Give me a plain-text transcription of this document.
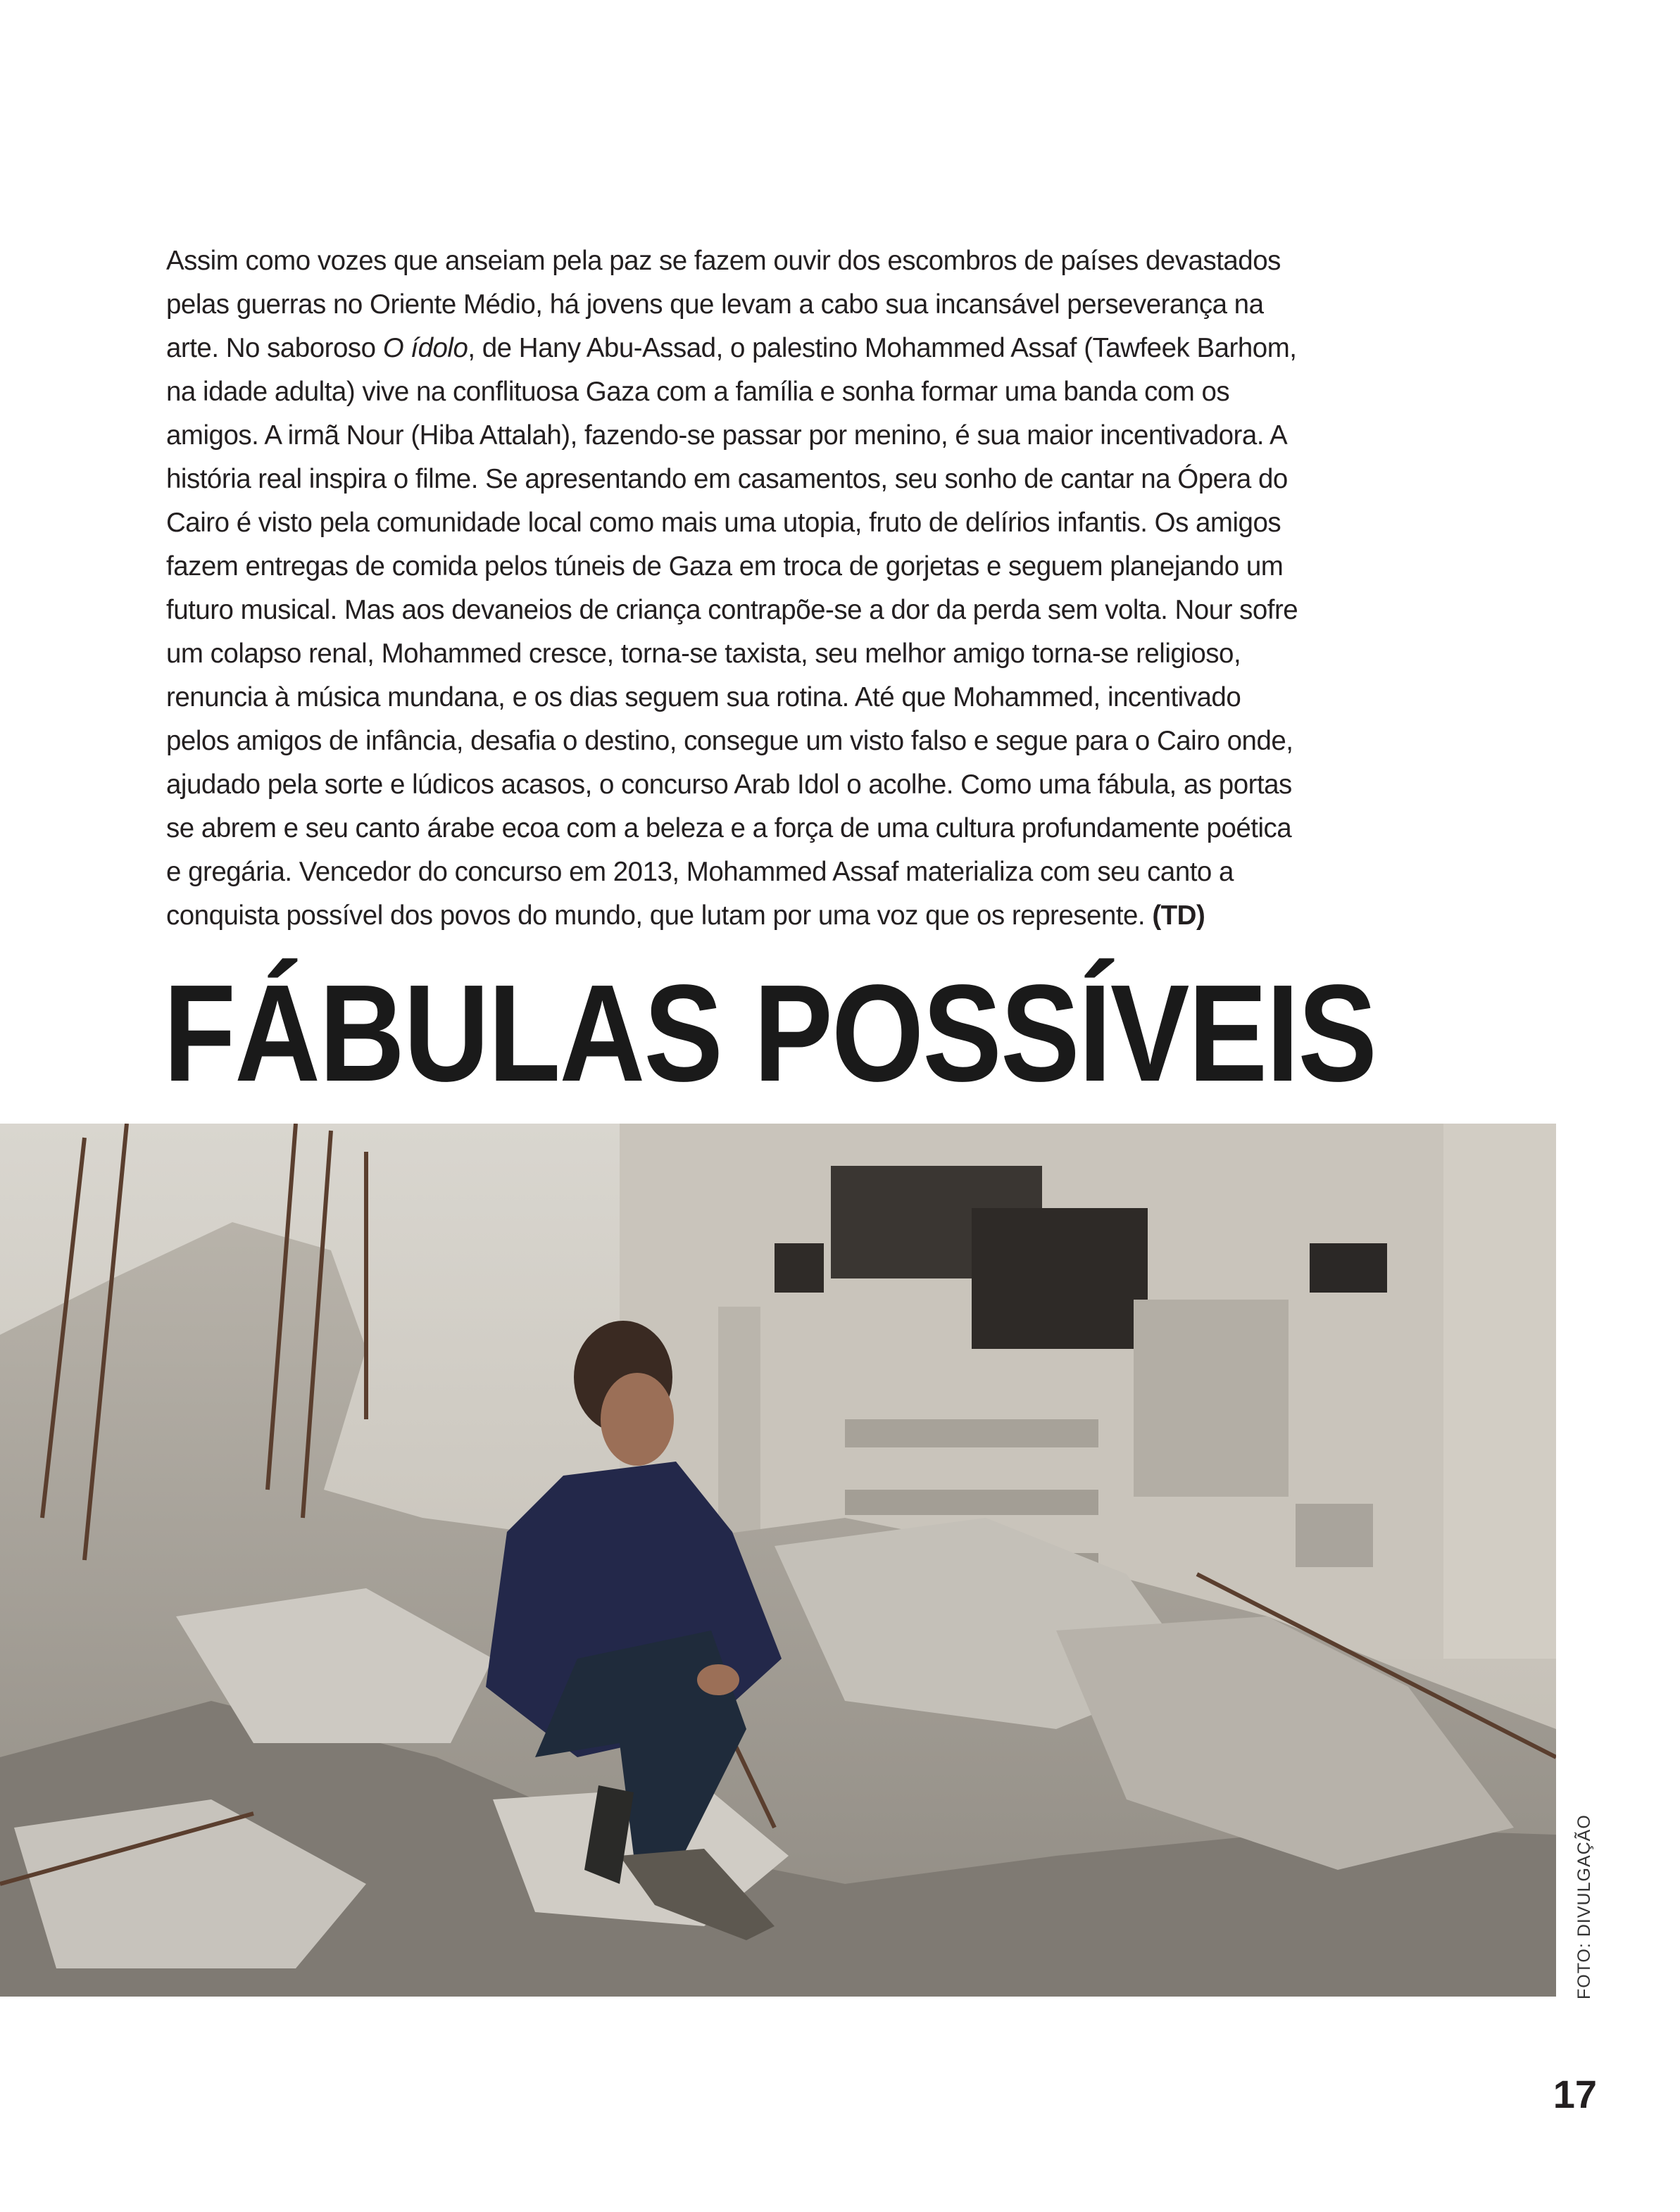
Assim como vozes que anseiam pela paz se fazem ouvir dos escombros de países devastados
pelas guerras no Oriente Médio, há jovens que levam a cabo sua incansável perseverança na
arte. No saboroso O ídolo, de Hany Abu-Assad, o palestino Mohammed Assaf (Tawfeek Barhom,
na idade adulta) vive na conflituosa Gaza com a família e sonha formar uma banda com os
amigos. A irmã Nour (Hiba Attalah), fazendo-se passar por menino, é sua maior incentivadora. A
história real inspira o filme. Se apresentando em casamentos, seu sonho de cantar na Ópera do
Cairo é visto pela comunidade local como mais uma utopia, fruto de delírios infantis. Os amigos
fazem entregas de comida pelos túneis de Gaza em troca de gorjetas e seguem planejando um
futuro musical. Mas aos devaneios de criança contrapõe-se a dor da perda sem volta. Nour sofre
um colapso renal, Mohammed cresce, torna-se taxista, seu melhor amigo torna-se religioso,
renuncia à música mundana, e os dias seguem sua rotina. Até que Mohammed, incentivado
pelos amigos de infância, desafia o destino, consegue um visto falso e segue para o Cairo onde,
ajudado pela sorte e lúdicos acasos, o concurso Arab Idol o acolhe. Como uma fábula, as portas
se abrem e seu canto árabe ecoa com a beleza e a força de uma cultura profundamente poética
e gregária. Vencedor do concurso em 2013, Mohammed Assaf materializa com seu canto a
conquista possível dos povos do mundo, que lutam por uma voz que os represente. (TD)

FÁBULAS POSSÍVEIS
FOTO: DIVULGAÇÃO

17
